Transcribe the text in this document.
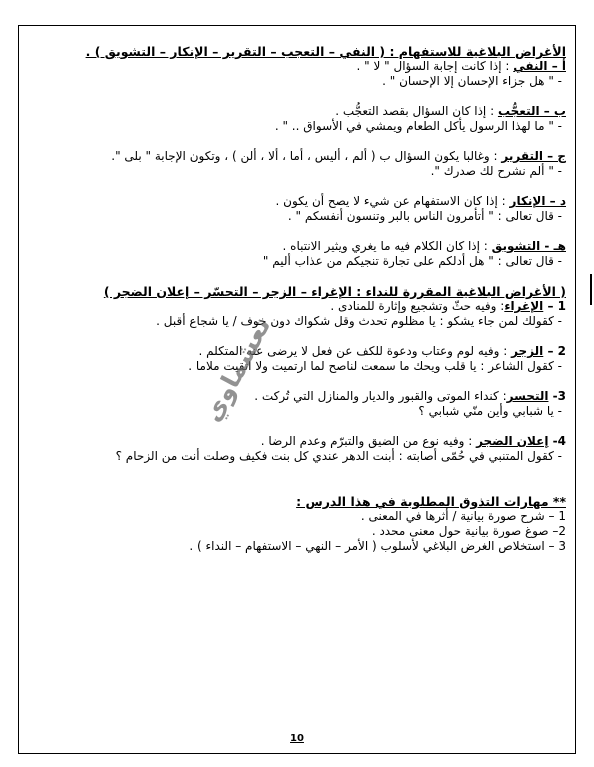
الأغراض البلاغية للاستفهام : ( النفي – التعجب – التقرير – الإنكار – التشويق ) .

أ – النفي : إذا كانت إجابة السؤال " لا " .

- " هل جزاء الإحسان إلا الإحسان " .

ب – التعجُّب : إذا كان السؤال بقصد التعجُّب .

- " ما لهذا الرسول يأكل الطعام ويمشي في الأسواق .. " .

ج – التقرير : وغالبا يكون السؤال ب ( ألم ، أليس ، أما ، ألا ، ألن ) ، وتكون الإجابة " بلى ".

- " ألم نشرح لك صدرك ".

د – الإنكار : إذا كان الاستفهام عن شيء لا يصح أن يكون .

- قال تعالى : " أتأمرون الناس بالبر وتنسون أنفسكم " .

هـ - التشويق : إذا كان الكلام فيه ما يغري ويثير الانتباه .

- قال تعالى : " هل أدلكم على تجارة تنجيكم من عذاب أليم "

( الأغراض البلاغية المقررة للنداء : الإغراء – الزجر – التحسّر – إعلان الضجر )

1 – الإغراء: وفيه حثّ وتشجيع وإثارة للمنادى .

- كقولك لمن جاء يشكو : يا مظلوم تحدث وقل شكواك دون خوف / يا شجاع أقبل .

2 – الزجر : وفيه لوم وعتاب ودعوة للكف عن فعل لا يرضى عنه المتكلم .

- كقول الشاعر : يا قلب ويحك ما سمعت لناصح لما ارتميت ولا اتقيت ملاما .

3- التحسر: كنداء الموتى والقبور والديار والمنازل التي تُركت .

- يا شبابي وأين منّي شبابي ؟

4- إعلان الضجر : وفيه نوع من الضيق والتبرّم وعدم الرضا .

- كقول المتنبي في حُمّى أصابته : أبنت الدهر عندي كل بنت فكيف وصلت أنت من الزحام ؟

** مهارات التذوق المطلوبة في هذا الدرس :

1 – شرح صورة بيانية / أثرها في المعنى .

2– صوغ صورة بيانية حول معنى محدد .

3 – استخلاص الغرض البلاغي لأسلوب ( الأمر – النهي – الاستفهام – النداء ) .

تعشماوي
10
